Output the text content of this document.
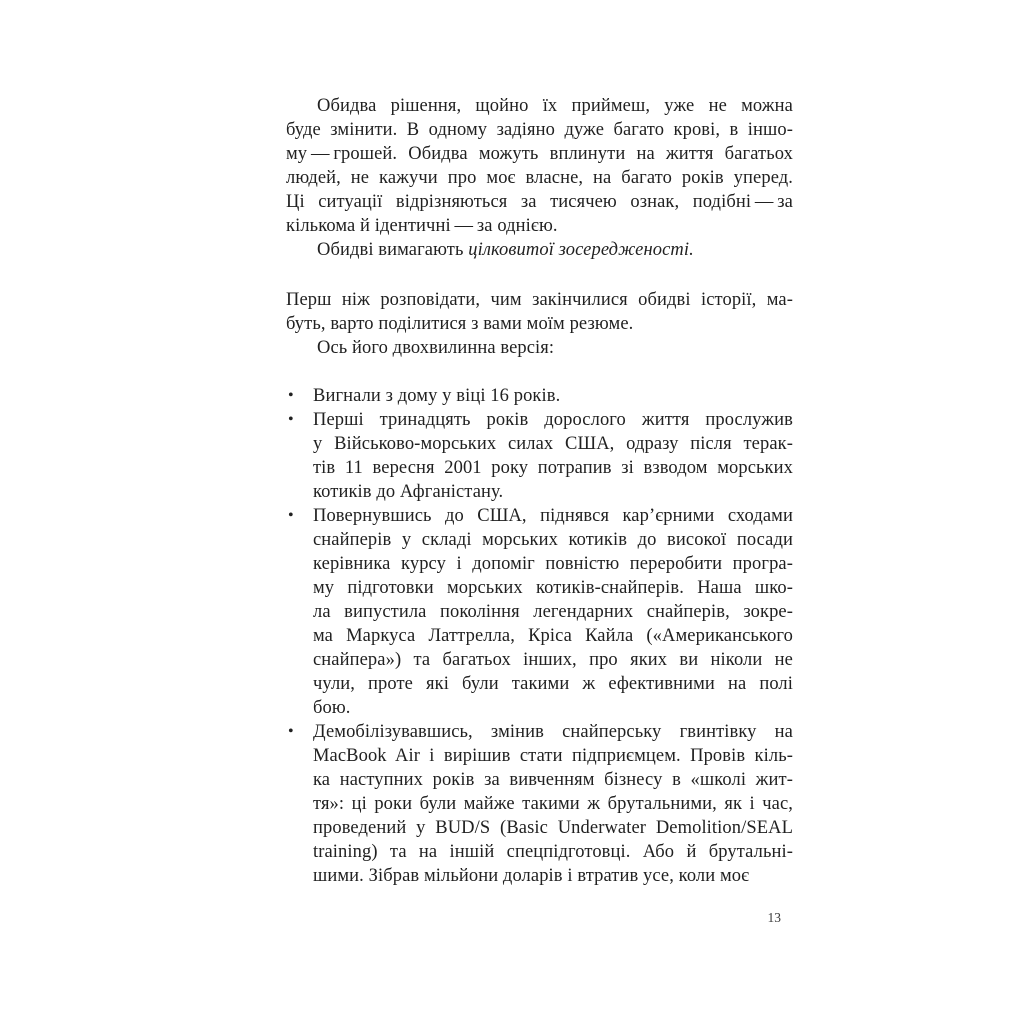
Обидва рішення, щойно їх приймеш, уже не можна
буде змінити. В одному задіяно дуже багато крові, в іншо-
му — грошей. Обидва можуть вплинути на життя багатьох
людей, не кажучи про моє власне, на багато років уперед.
Ці ситуації відрізняються за тисячею ознак, подібні — за
кількома й ідентичні — за однією.
Обидві вимагають цілковитої зосередженості.
Перш ніж розповідати, чим закінчилися обидві історії, ма-
буть, варто поділитися з вами моїм резюме.
Ось його двохвилинна версія:
•	Вигнали з дому у віці 16 років.
•	Перші тринадцять років дорослого життя прослужив
у Військово-морських силах США, одразу після терак-
тів 11 вересня 2001 року потрапив зі взводом морських
котиків до Афганістану.
•	Повернувшись до США, піднявся кар’єрними сходами
снайперів у складі морських котиків до високої посади
керівника курсу і допоміг повністю переробити програ-
му підготовки морських котиків-снайперів. Наша шко-
ла випустила покоління легендарних снайперів, зокре-
ма Маркуса Латтрелла, Кріса Кайла («Американського
снайпера») та багатьох інших, про яких ви ніколи не
чули, проте які були такими ж ефективними на полі
бою.
•	Демобілізувавшись, змінив снайперську гвинтівку на
MacBook Air і вирішив стати підприємцем. Провів кіль-
ка наступних років за вивченням бізнесу в «школі жит-
тя»: ці роки були майже такими ж брутальними, як і час,
проведений у BUD/S (Basic Underwater Demolition/SEAL
training) та на іншій спецпідготовці. Або й брутальні-
шими. Зібрав мільйони доларів і втратив усе, коли моє
13
